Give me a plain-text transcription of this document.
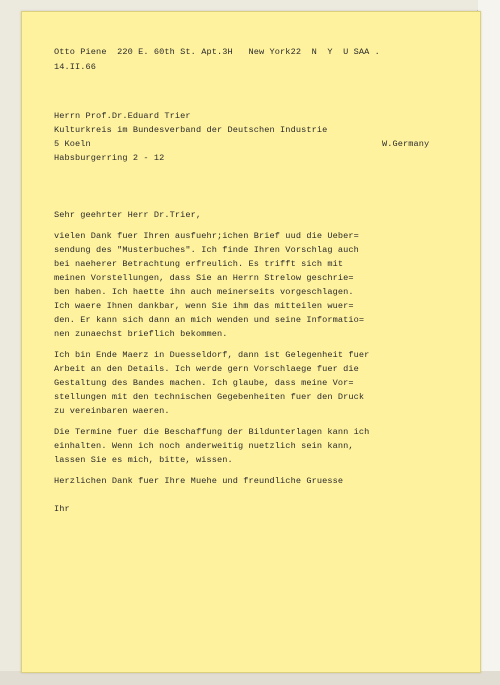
Otto Piene  220 E. 60th St. Apt.3H   New York22  N  Y  U SAA .

14.II.66

Herrn Prof.Dr.Eduard Trier

Kulturkreis im Bundesverband der Deutschen Industrie

5 Koeln	W.Germany

Habsburgerring 2 - 12

Sehr geehrter Herr Dr.Trier,

vielen Dank fuer Ihren ausfuehr;ichen Brief uud die Ueber=

sendung des "Musterbuches". Ich finde Ihren Vorschlag auch

bei naeherer Betrachtung erfreulich. Es trifft sich mit

meinen Vorstellungen, dass Sie an Herrn Strelow geschrie=

ben haben. Ich haette ihn auch meinerseits vorgeschlagen.

Ich waere Ihnen dankbar, wenn Sie ihm das mitteilen wuer=

den. Er kann sich dann an mich wenden und seine Informatio=

nen zunaechst brieflich bekommen.

Ich bin Ende Maerz in Duesseldorf, dann ist Gelegenheit fuer

Arbeit an den Details. Ich werde gern Vorschlaege fuer die

Gestaltung des Bandes machen. Ich glaube, dass meine Vor=

stellungen mit den technischen Gegebenheiten fuer den Druck

zu vereinbaren waeren.

Die Termine fuer die Beschaffung der Bildunterlagen kann ich

einhalten. Wenn ich noch anderweitig nuetzlich sein kann,

lassen Sie es mich, bitte, wissen.

Herzlichen Dank fuer Ihre Muehe und freundliche Gruesse

Ihr
